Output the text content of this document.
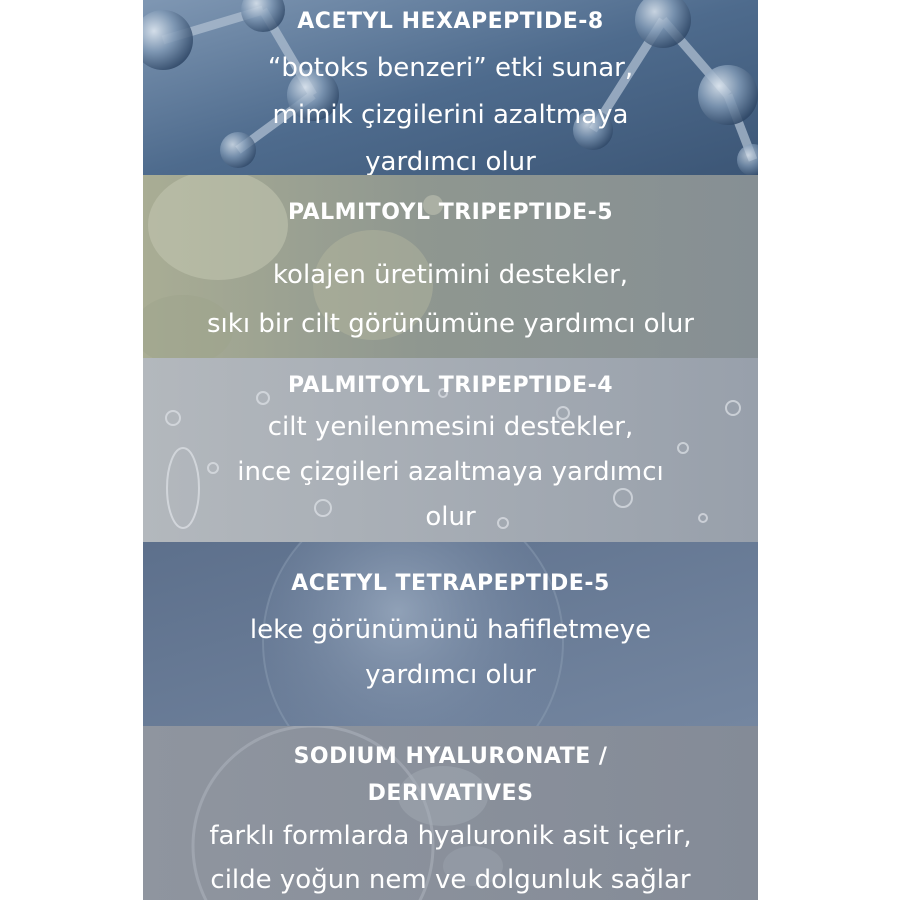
ACETYL HEXAPEPTIDE-8
“botoks benzeri” etki sunar,
mimik çizgilerini azaltmaya
yardımcı olur
PALMITOYL TRIPEPTIDE-5
kolajen üretimini destekler,
sıkı bir cilt görünümüne yardımcı olur
PALMITOYL TRIPEPTIDE-4
cilt yenilenmesini destekler,
ince çizgileri azaltmaya yardımcı
olur
ACETYL TETRAPEPTIDE-5
leke görünümünü hafifletmeye
yardımcı olur
SODIUM HYALURONATE /
DERIVATIVES
farklı formlarda hyaluronik asit içerir,
cilde yoğun nem ve dolgunluk sağlar
